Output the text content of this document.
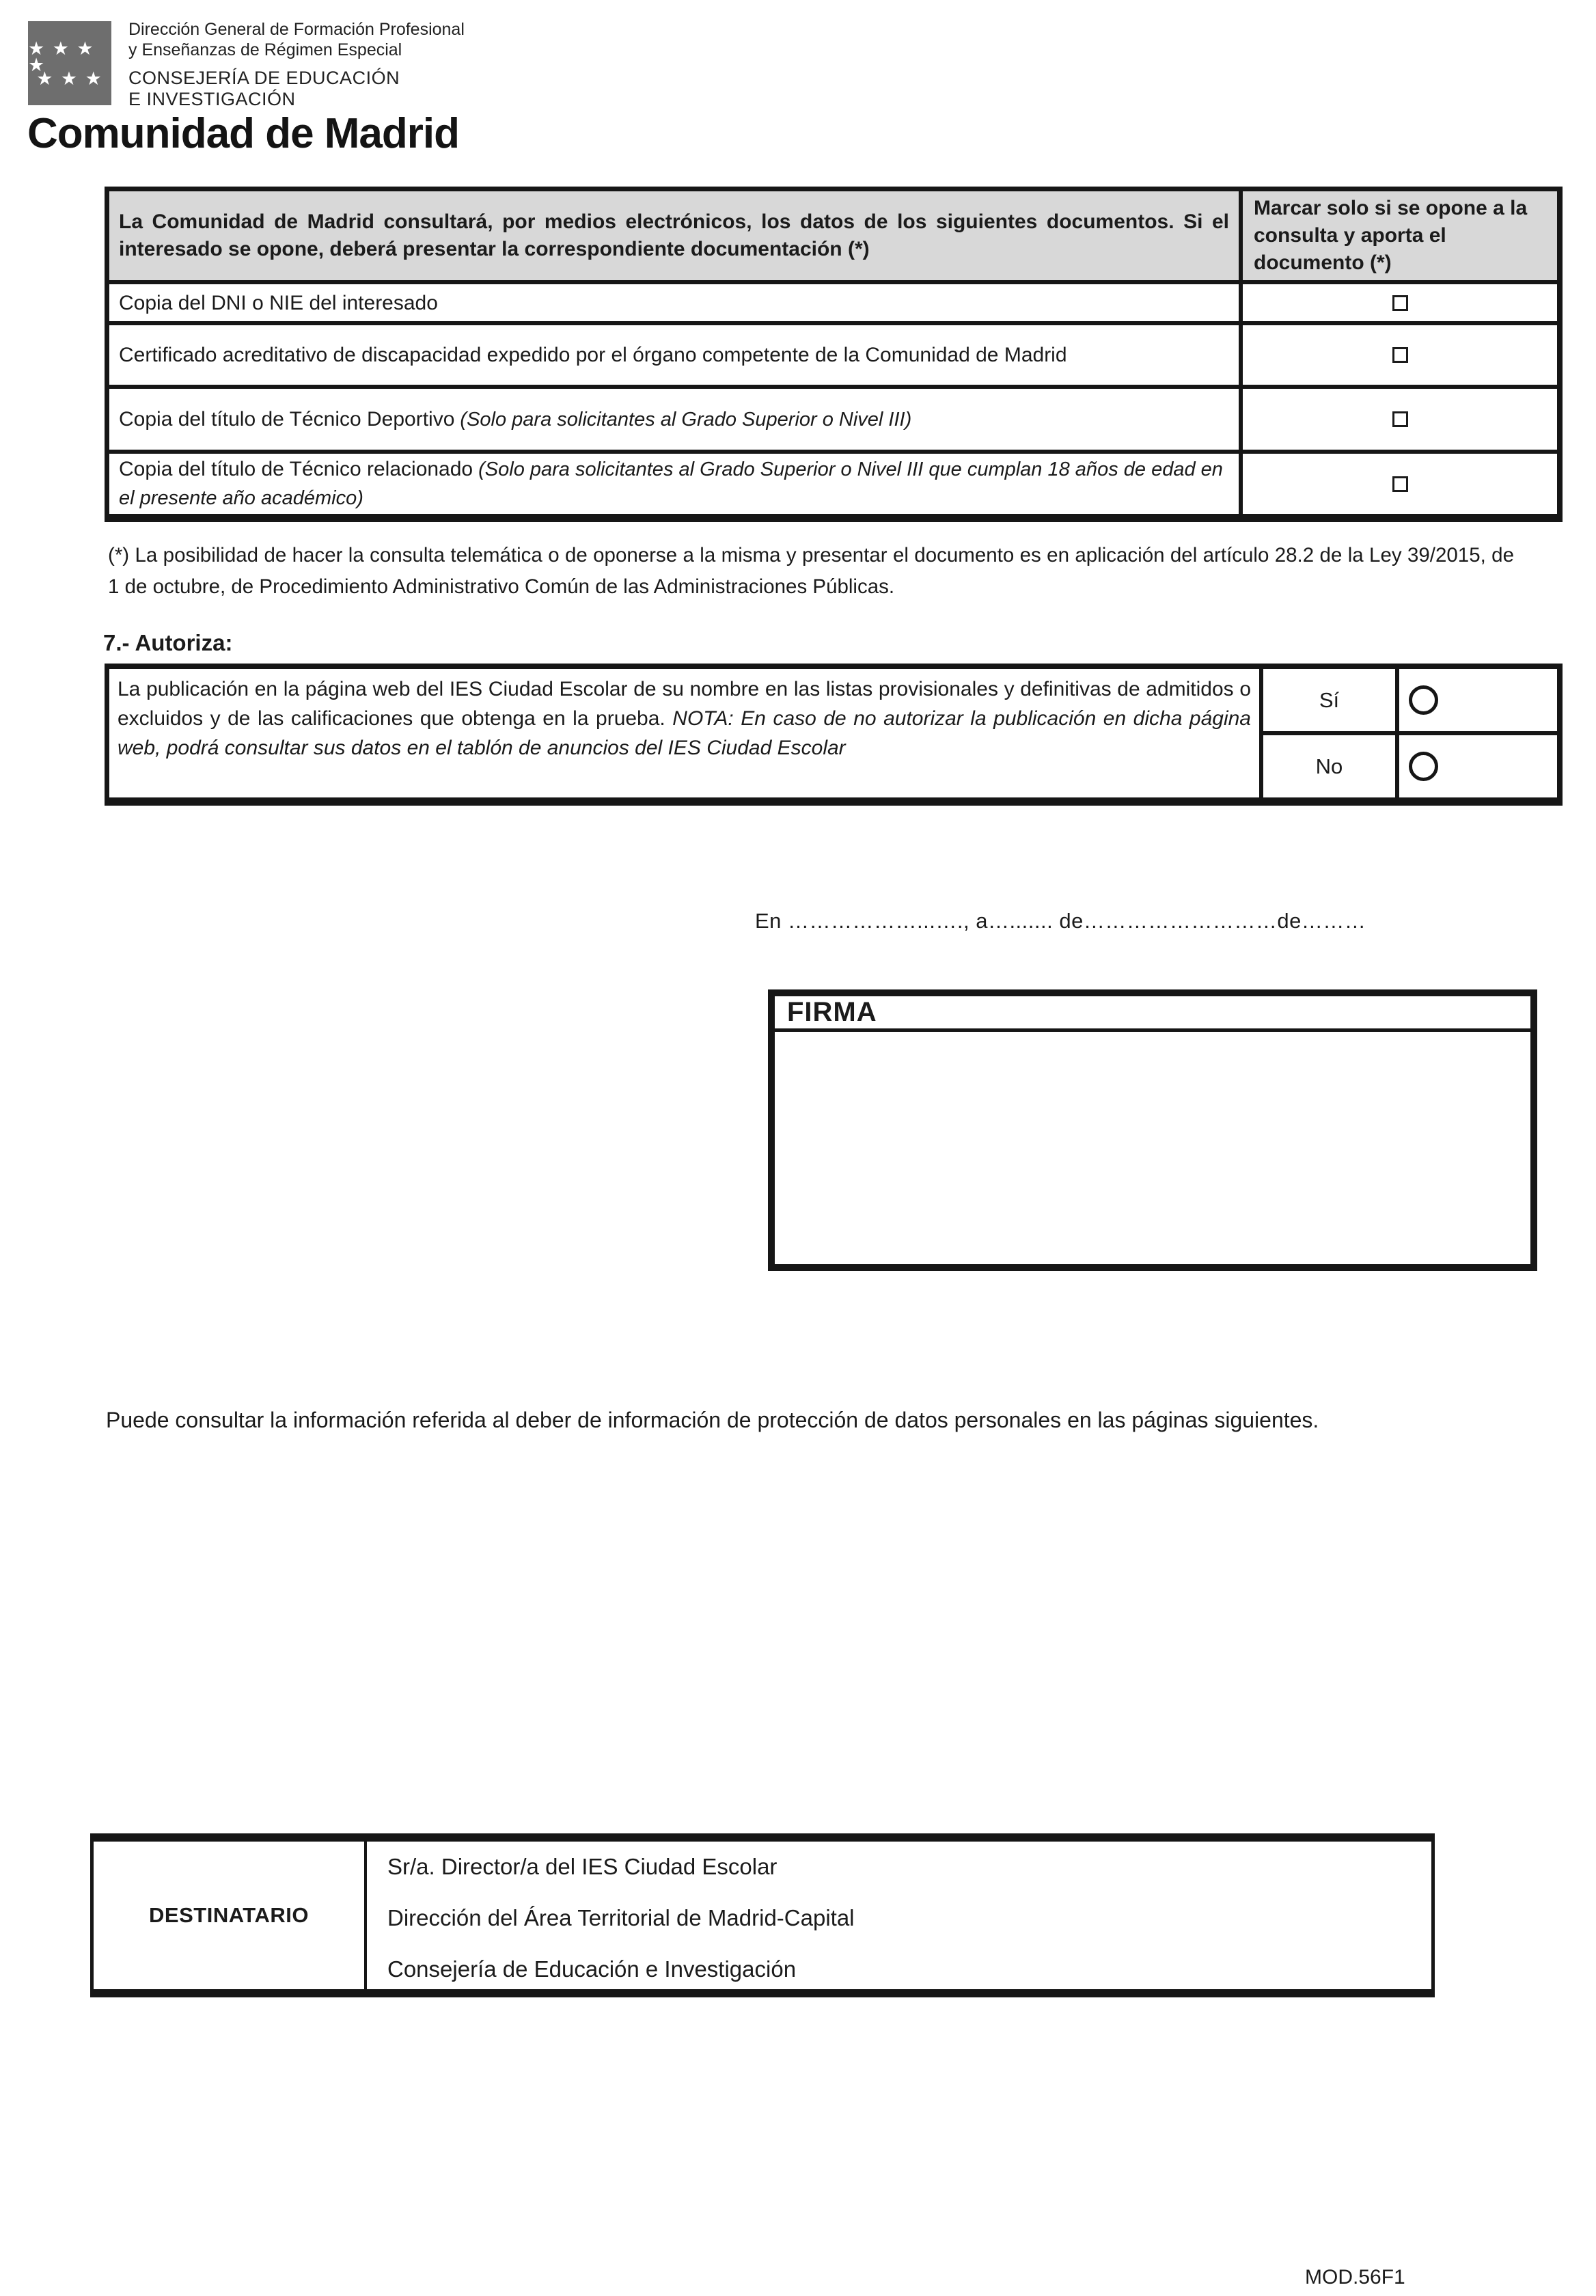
★ ★ ★ ★
★ ★ ★
Dirección General de Formación Profesional
y Enseñanzas de Régimen Especial
CONSEJERÍA DE EDUCACIÓN
E INVESTIGACIÓN
Comunidad de Madrid
La Comunidad de Madrid consultará, por medios electrónicos, los datos de los siguientes documentos. Si el interesado se opone, deberá presentar la correspondiente documentación (*)
Marcar solo si se opone a la consulta y aporta el documento (*)
Copia del DNI o NIE del interesado
Certificado acreditativo de discapacidad expedido por el órgano competente de la Comunidad de Madrid
Copia del título de Técnico Deportivo (Solo para solicitantes al Grado Superior o Nivel III)
Copia del título de Técnico relacionado (Solo para solicitantes al Grado Superior o Nivel III que cumplan 18 años de edad en el presente año académico)
(*) La posibilidad de hacer la consulta telemática o de oponerse a la misma y presentar el documento es en aplicación del artículo 28.2 de la Ley 39/2015, de 1 de octubre, de Procedimiento Administrativo Común de las Administraciones Públicas.
7.- Autoriza:
La publicación en la página web del IES Ciudad Escolar de su nombre en las listas provisionales y definitivas de admitidos o excluidos y de las calificaciones que obtenga en la prueba. NOTA: En caso de no autorizar la publicación en dicha página web, podrá consultar sus datos en el tablón de anuncios del IES Ciudad Escolar
Sí
No
En ………………...…., a…....... de………………………de………
FIRMA
Puede consultar la información referida al deber de información de protección de datos personales en las páginas siguientes.
DESTINATARIO
Sr/a. Director/a del IES Ciudad Escolar
Dirección del Área Territorial de Madrid-Capital
Consejería de Educación e Investigación
MOD.56F1
